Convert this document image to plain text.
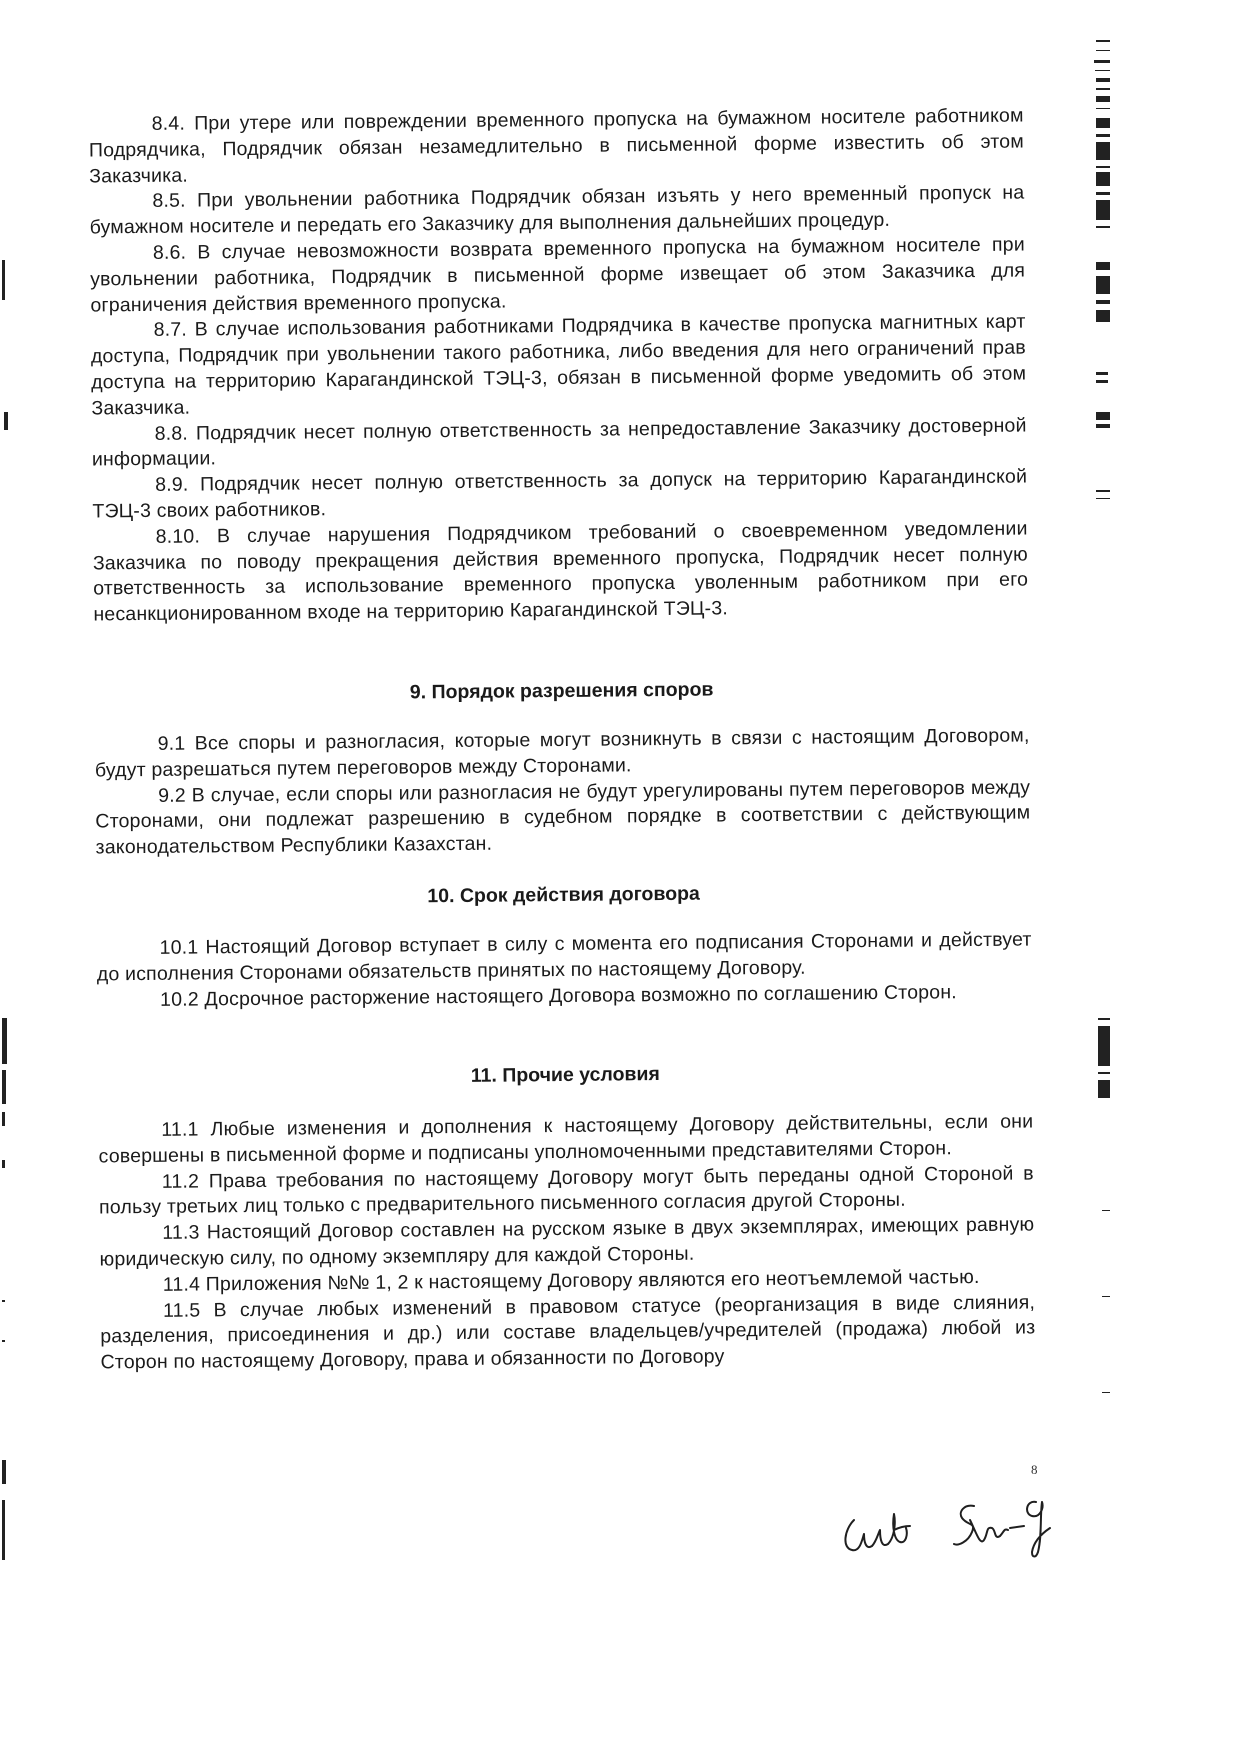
8.4. При утере или повреждении временного пропуска на бумажном носителе работником Подрядчика, Подрядчик обязан незамедлительно в письменной форме известить об этом Заказчика.

8.5. При увольнении работника Подрядчик обязан изъять у него временный пропуск на бумажном носителе и передать его Заказчику для выполнения дальнейших процедур.

8.6. В случае невозможности возврата временного пропуска на бумажном носителе при увольнении работника, Подрядчик в письменной форме извещает об этом Заказчика для ограничения действия временного пропуска.

8.7. В случае использования работниками Подрядчика в качестве пропуска магнитных карт доступа, Подрядчик при увольнении такого работника, либо введения для него ограничений прав доступа на территорию Карагандинской ТЭЦ-3, обязан в письменной форме уведомить об этом Заказчика.

8.8. Подрядчик несет полную ответственность за непредоставление Заказчику достоверной информации.

8.9. Подрядчик несет полную ответственность за допуск на территорию Карагандинской ТЭЦ-3 своих работников.

8.10. В случае нарушения Подрядчиком требований о своевременном уведомлении Заказчика по поводу прекращения действия временного пропуска, Подрядчик несет полную ответственность за использование временного пропуска уволенным работником при его несанкционированном входе на территорию Карагандинской ТЭЦ-3.

9. Порядок разрешения споров

9.1 Все споры и разногласия, которые могут возникнуть в связи с настоящим Договором, будут разрешаться путем переговоров между Сторонами.

9.2 В случае, если споры или разногласия не будут урегулированы путем переговоров между Сторонами, они подлежат разрешению в судебном порядке в соответствии с действующим законодательством Республики Казахстан.

10. Срок действия договора

10.1 Настоящий Договор вступает в силу с момента его подписания Сторонами и действует до исполнения Сторонами обязательств принятых по настоящему Договору.

10.2 Досрочное расторжение настоящего Договора возможно по соглашению Сторон.

11. Прочие условия

11.1 Любые изменения и дополнения к настоящему Договору действительны, если они совершены в письменной форме и подписаны уполномоченными представителями Сторон.

11.2 Права требования по настоящему Договору могут быть переданы одной Стороной в пользу третьих лиц только с предварительного письменного согласия другой Стороны.

11.3 Настоящий Договор составлен на русском языке в двух экземплярах, имеющих равную юридическую силу, по одному экземпляру для каждой Стороны.

11.4 Приложения №№ 1, 2 к настоящему Договору являются его неотъемлемой частью.

11.5 В случае любых изменений в правовом статусе (реорганизация в виде слияния, разделения, присоединения и др.) или составе владельцев/учредителей (продажа) любой из Сторон по настоящему Договору, права и обязанности по Договору

8
